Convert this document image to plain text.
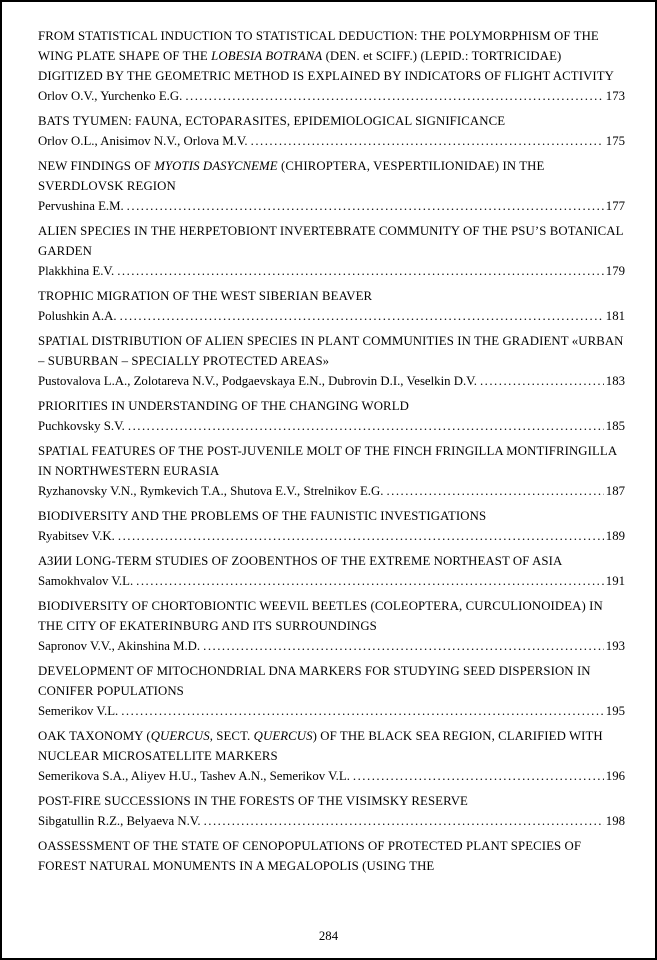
FROM STATISTICAL INDUCTION TO STATISTICAL DEDUCTION: THE POLYMORPHISM OF THE WING PLATE SHAPE OF THE LOBESIA BOTRANA (DEN. et SCIFF.) (LEPID.: TORTRICIDAE) DIGITIZED BY THE GEOMETRIC METHOD IS EXPLAINED BY INDICATORS OF FLIGHT ACTIVITY
Orlov O.V., Yurchenko E.G. .....	173
BATS TYUMEN: FAUNA, ECTOPARASITES, EPIDEMIOLOGICAL SIGNIFICANCE
Orlov O.L., Anisimov N.V., Orlova M.V. .....	175
NEW FINDINGS OF MYOTIS DASYCNEME (CHIROPTERA, VESPERTILIONIDAE) IN THE SVERDLOVSK REGION
Pervushina E.M. .....	177
ALIEN SPECIES IN THE HERPETOBIONT INVERTEBRATE COMMUNITY OF THE PSU’S BOTANICAL GARDEN
Plakkhina E.V. .....	179
TROPHIC MIGRATION OF THE WEST SIBERIAN BEAVER
Polushkin A.A. .....	181
SPATIAL DISTRIBUTION OF ALIEN SPECIES IN PLANT COMMUNITIES IN THE GRADIENT «URBAN – SUBURBAN – SPECIALLY PROTECTED AREAS»
Pustovalova L.A., Zolotareva N.V., Podgaevskaya E.N., Dubrovin D.I., Veselkin D.V. .....	183
PRIORITIES IN UNDERSTANDING OF THE CHANGING WORLD
Puchkovsky S.V. .....	185
SPATIAL FEATURES OF THE POST-JUVENILE MOLT OF THE FINCH FRINGILLA MONTIFRINGILLA IN NORTHWESTERN EURASIA
Ryzhanovsky V.N., Rymkevich T.A., Shutova E.V., Strelnikov E.G. .....	187
BIODIVERSITY AND THE PROBLEMS OF THE FAUNISTIC INVESTIGATIONS
Ryabitsev V.K. .....	189
АЗИИ LONG-TERM STUDIES OF ZOOBENTHOS OF THE EXTREME NORTHEAST OF ASIA
Samokhvalov V.L. .....	191
BIODIVERSITY OF CHORTOBIONTIC WEEVIL BEETLES (COLEOPTERA, CURCULIONOIDEA) IN THE CITY OF EKATERINBURG AND ITS SURROUNDINGS
Sapronov V.V., Akinshina M.D. .....	193
DEVELOPMENT OF MITOCHONDRIAL DNA MARKERS FOR STUDYING SEED DISPERSION IN CONIFER POPULATIONS
Semerikov V.L. .....	195
OAK TAXONOMY (QUERCUS, SECT. QUERCUS) OF THE BLACK SEA REGION, CLARIFIED WITH NUCLEAR MICROSATELLITE MARKERS
Semerikova S.A., Aliyev H.U., Tashev A.N., Semerikov V.L. .....	196
POST-FIRE SUCCESSIONS IN THE FORESTS OF THE VISIMSKY RESERVE
Sibgatullin R.Z., Belyaeva N.V. .....	198
OASSESSMENT OF THE STATE OF CENOPOPULATIONS OF PROTECTED PLANT SPECIES OF FOREST NATURAL MONUMENTS IN A MEGALOPOLIS (USING THE
284
